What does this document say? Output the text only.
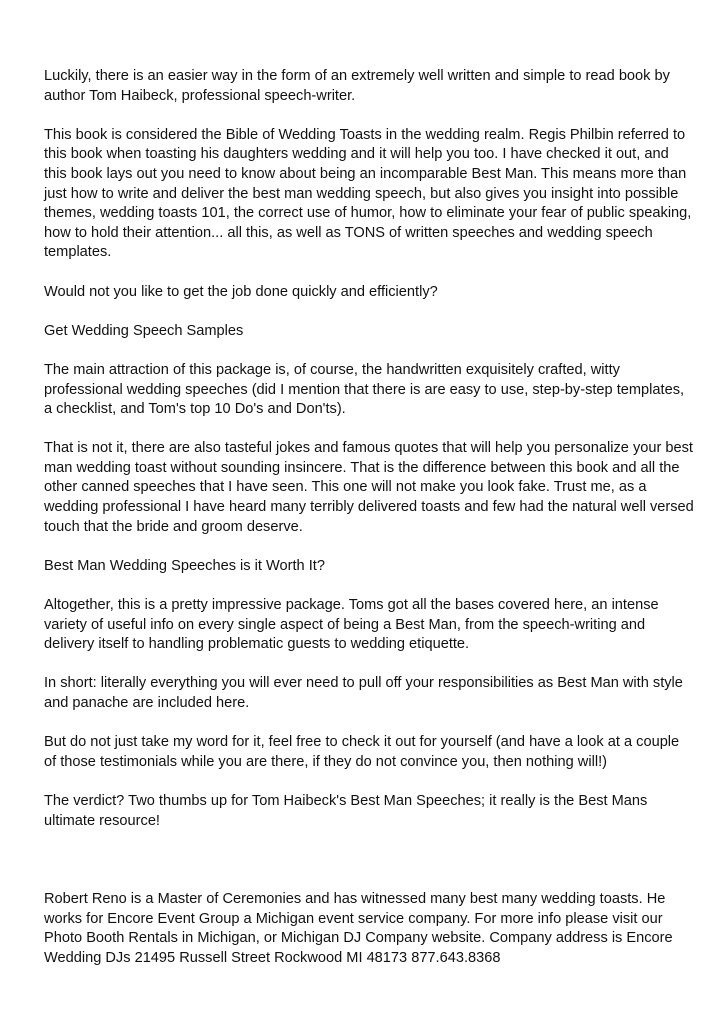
Luckily, there is an easier way in the form of an extremely well written and simple to read book by author Tom Haibeck, professional speech-writer.

This book is considered the Bible of Wedding Toasts in the wedding realm. Regis Philbin referred to this book when toasting his daughters wedding and it will help you too. I have checked it out, and this book lays out you need to know about being an incomparable Best Man. This means more than just how to write and deliver the best man wedding speech, but also gives you insight into possible themes, wedding toasts 101, the correct use of humor, how to eliminate your fear of public speaking, how to hold their attention... all this, as well as TONS of written speeches and wedding speech templates.

Would not you like to get the job done quickly and efficiently?

Get Wedding Speech Samples

The main attraction of this package is, of course, the handwritten exquisitely crafted, witty professional wedding speeches (did I mention that there is are easy to use, step-by-step templates, a checklist, and Tom's top 10 Do's and Don'ts).

That is not it, there are also tasteful jokes and famous quotes that will help you personalize your best man wedding toast without sounding insincere. That is the difference between this book and all the other canned speeches that I have seen. This one will not make you look fake. Trust me, as a wedding professional I have heard many terribly delivered toasts and few had the natural well versed touch that the bride and groom deserve.

Best Man Wedding Speeches is it Worth It?

Altogether, this is a pretty impressive package. Toms got all the bases covered here, an intense variety of useful info on every single aspect of being a Best Man, from the speech-writing and delivery itself to handling problematic guests to wedding etiquette.

In short: literally everything you will ever need to pull off your responsibilities as Best Man with style and panache are included here.

But do not just take my word for it, feel free to check it out for yourself (and have a look at a couple of those testimonials while you are there, if they do not convince you, then nothing will!)

The verdict? Two thumbs up for Tom Haibeck's Best Man Speeches; it really is the Best Mans ultimate resource!

Robert Reno is a Master of Ceremonies and has witnessed many best many wedding toasts. He works for Encore Event Group a Michigan event service company. For more info please visit our Photo Booth Rentals in Michigan, or Michigan DJ Company website. Company address is Encore Wedding DJs 21495 Russell Street Rockwood MI 48173 877.643.8368
